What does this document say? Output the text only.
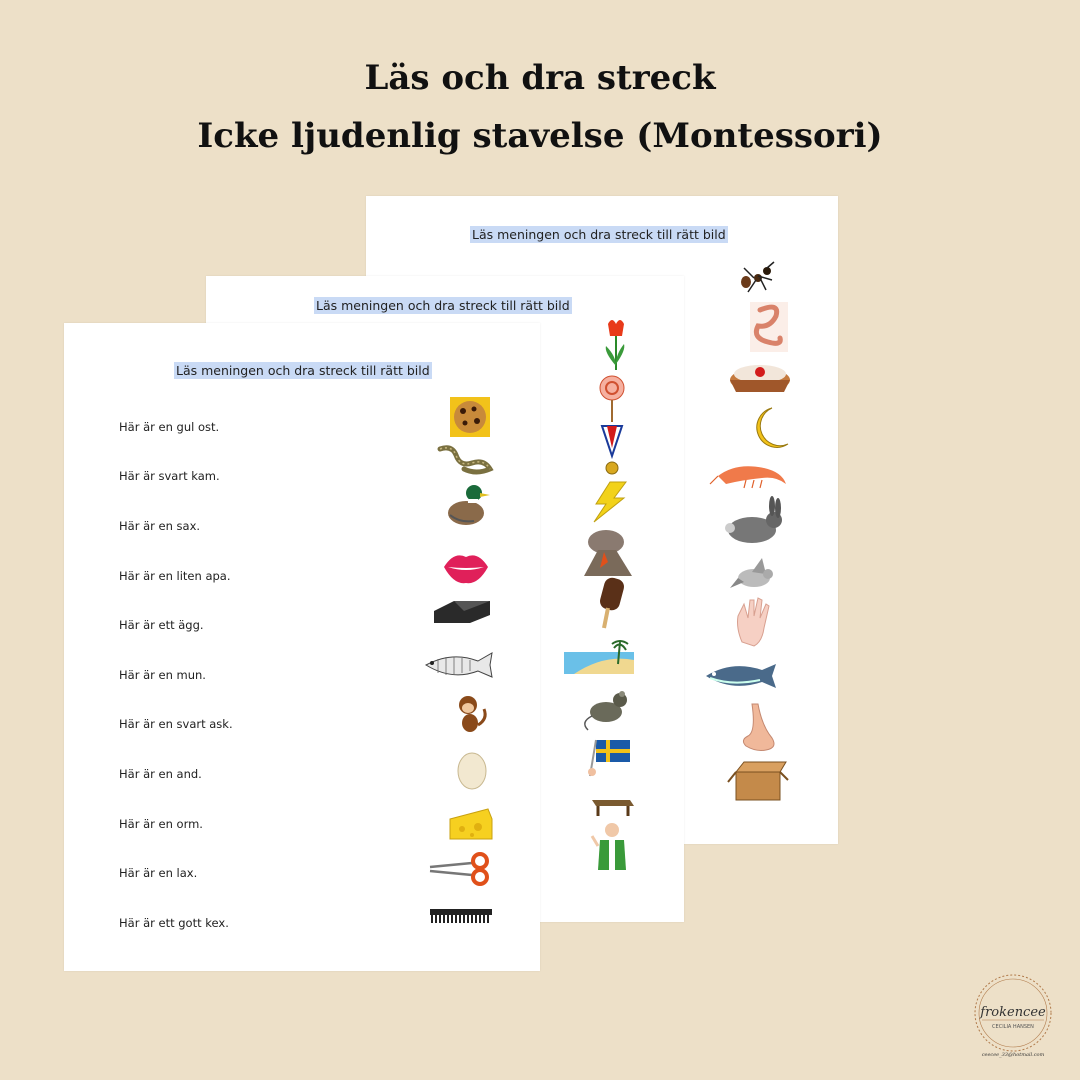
Läs och dra streck
Icke ljudenlig stavelse (Montessori)
Läs meningen och dra streck till rätt bild
Läs meningen och dra streck till rätt bild
Läs meningen och dra streck till rätt bild
Här är en gul ost.
Här är svart kam.
Här är en sax.
Här är en liten apa.
Här är ett ägg.
Här är en mun.
Här är en svart ask.
Här är en and.
Här är en orm.
Här är en lax.
Här är ett gott kex.
frokencee
CECILIA HANSEN
ceecee_33@hotmail.com
